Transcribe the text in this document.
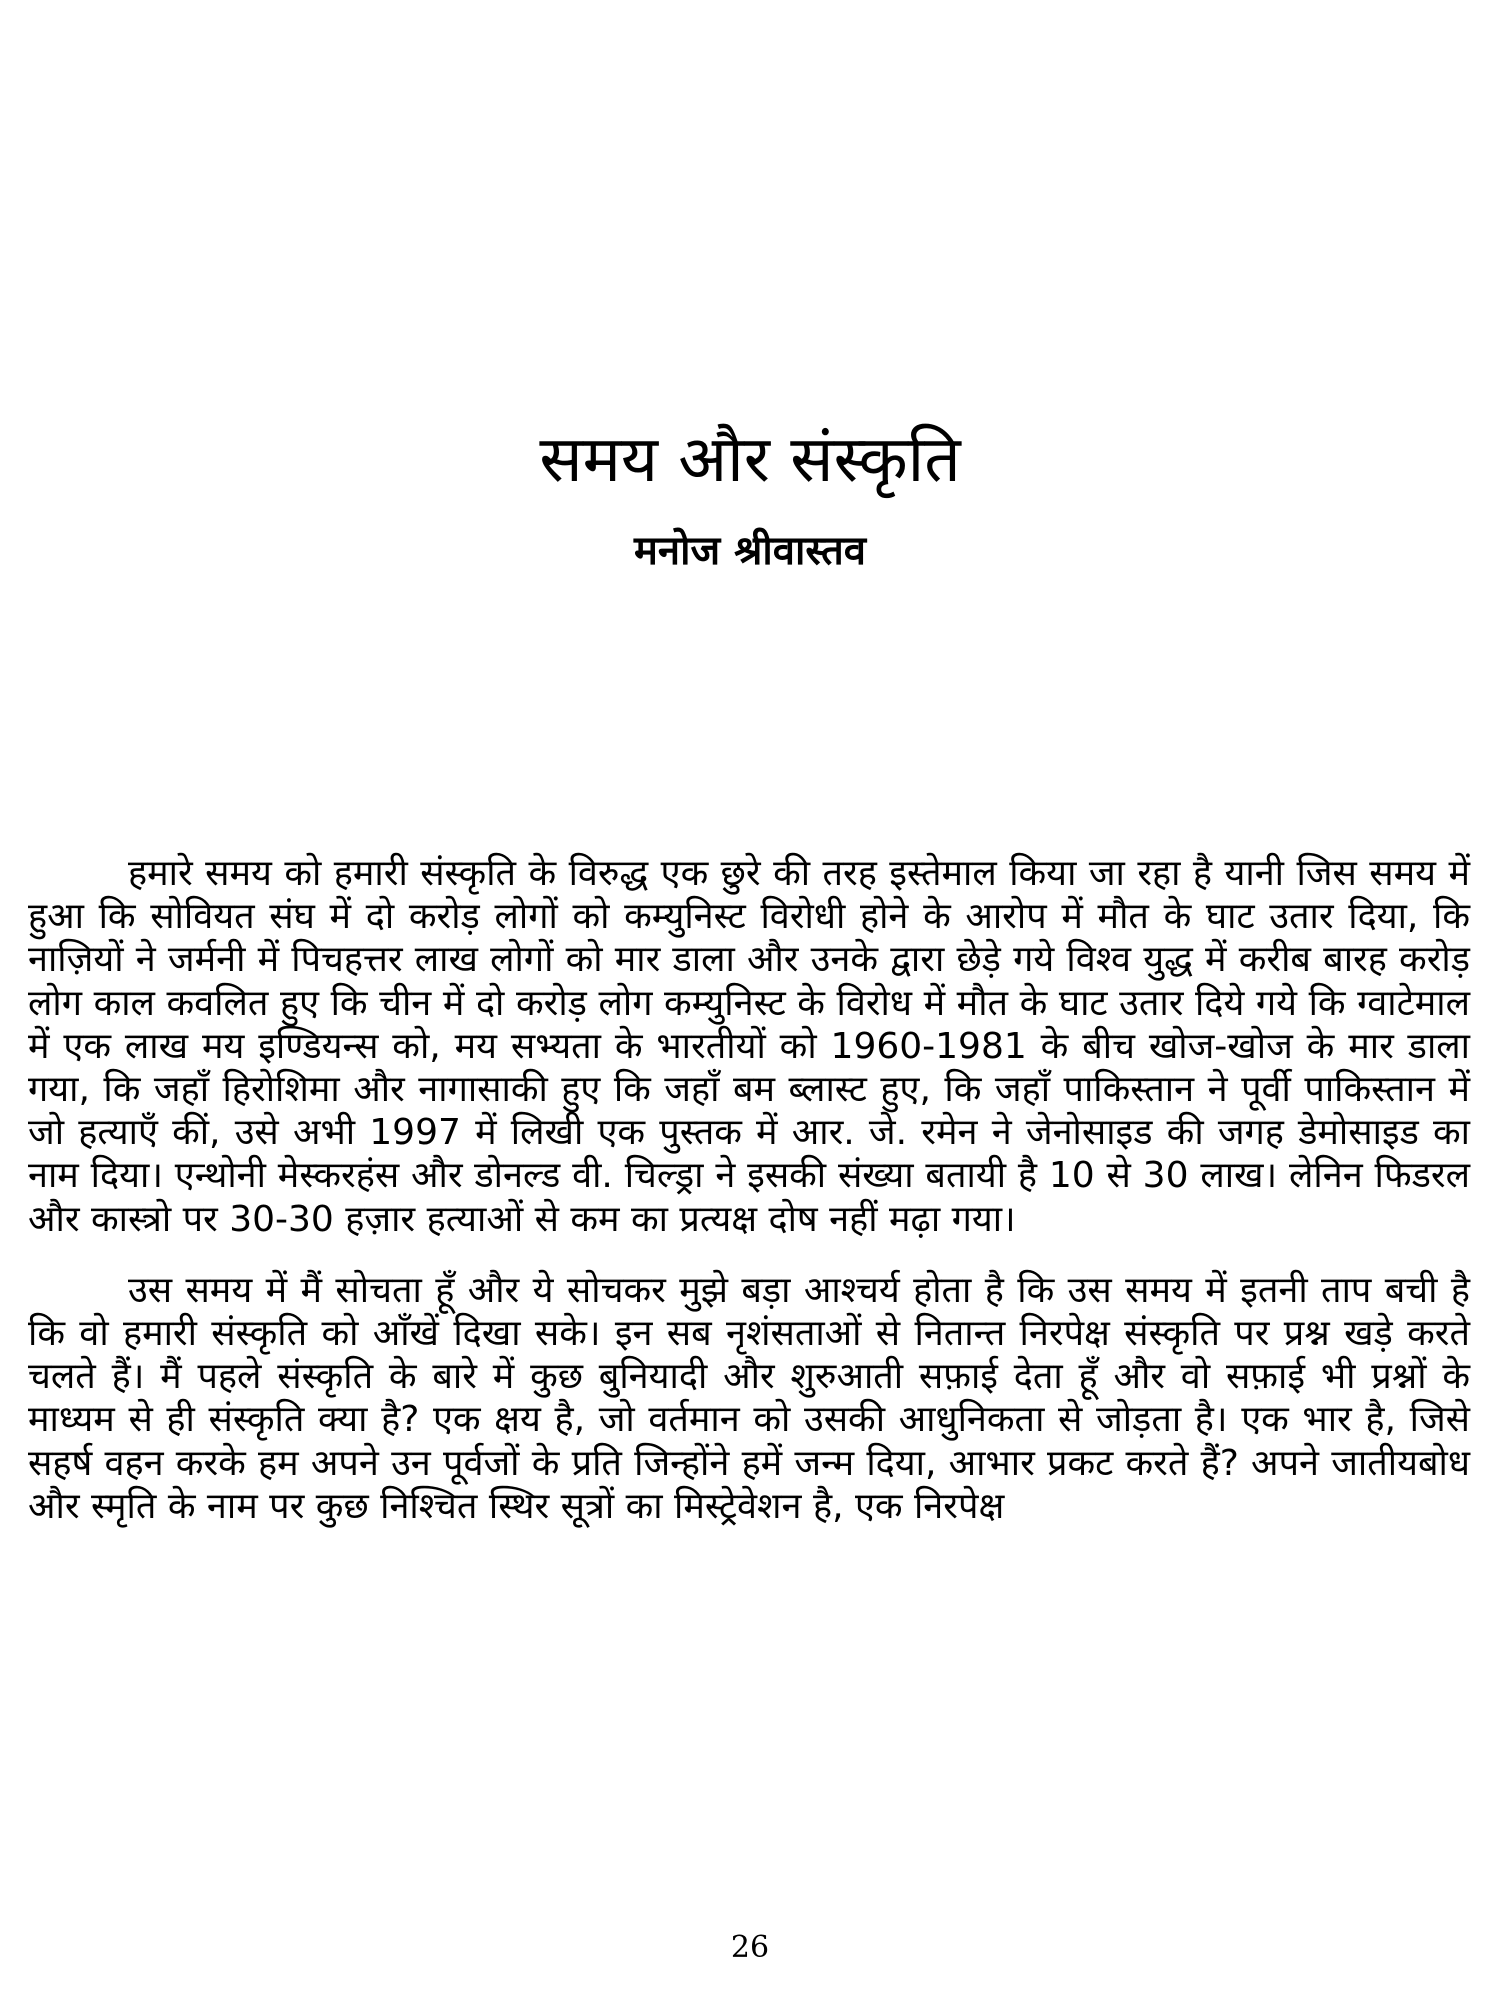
समय और संस्कृति
मनोज श्रीवास्तव

हमारे समय को हमारी संस्कृति के विरुद्ध एक छुरे की तरह इस्तेमाल किया जा रहा है यानी जिस समय में हुआ कि सोवियत संघ में दो करोड़ लोगों को कम्युनिस्ट विरोधी होने के आरोप में मौत के घाट उतार दिया, कि नाज़ियों ने जर्मनी में पिचहत्तर लाख लोगों को मार डाला और उनके द्वारा छेड़े गये विश्व युद्ध में करीब बारह करोड़ लोग काल कवलित हुए कि चीन में दो करोड़ लोग कम्युनिस्ट के विरोध में मौत के घाट उतार दिये गये कि ग्वाटेमाल में एक लाख मय इण्डियन्स को, मय सभ्यता के भारतीयों को 1960-1981 के बीच खोज-खोज के मार डाला गया, कि जहाँ हिरोशिमा और नागासाकी हुए कि जहाँ बम ब्लास्ट हुए, कि जहाँ पाकिस्तान ने पूर्वी पाकिस्तान में जो हत्याएँ कीं, उसे अभी 1997 में लिखी एक पुस्तक में आर. जे. रमेन ने जेनोसाइड की जगह डेमोसाइड का नाम दिया। एन्थोनी मेस्करहंस और डोनल्ड वी. चिल्ड्रा ने इसकी संख्या बतायी है 10 से 30 लाख। लेनिन फिडरल और कास्त्रो पर 30-30 हज़ार हत्याओं से कम का प्रत्यक्ष दोष नहीं मढ़ा गया।

उस समय में मैं सोचता हूँ और ये सोचकर मुझे बड़ा आश्चर्य होता है कि उस समय में इतनी ताप बची है कि वो हमारी संस्कृति को आँखें दिखा सके। इन सब नृशंसताओं से नितान्त निरपेक्ष संस्कृति पर प्रश्न खड़े करते चलते हैं। मैं पहले संस्कृति के बारे में कुछ बुनियादी और शुरुआती सफ़ाई देता हूँ और वो सफ़ाई भी प्रश्नों के माध्यम से ही संस्कृति क्या है? एक क्षय है, जो वर्तमान को उसकी आधुनिकता से जोड़ता है। एक भार है, जिसे सहर्ष वहन करके हम अपने उन पूर्वजों के प्रति जिन्होंने हमें जन्म दिया, आभार प्रकट करते हैं? अपने जातीयबोध और स्मृति के नाम पर कुछ निश्चित स्थिर सूत्रों का मिस्ट्रेवेशन है, एक निरपेक्ष

26
